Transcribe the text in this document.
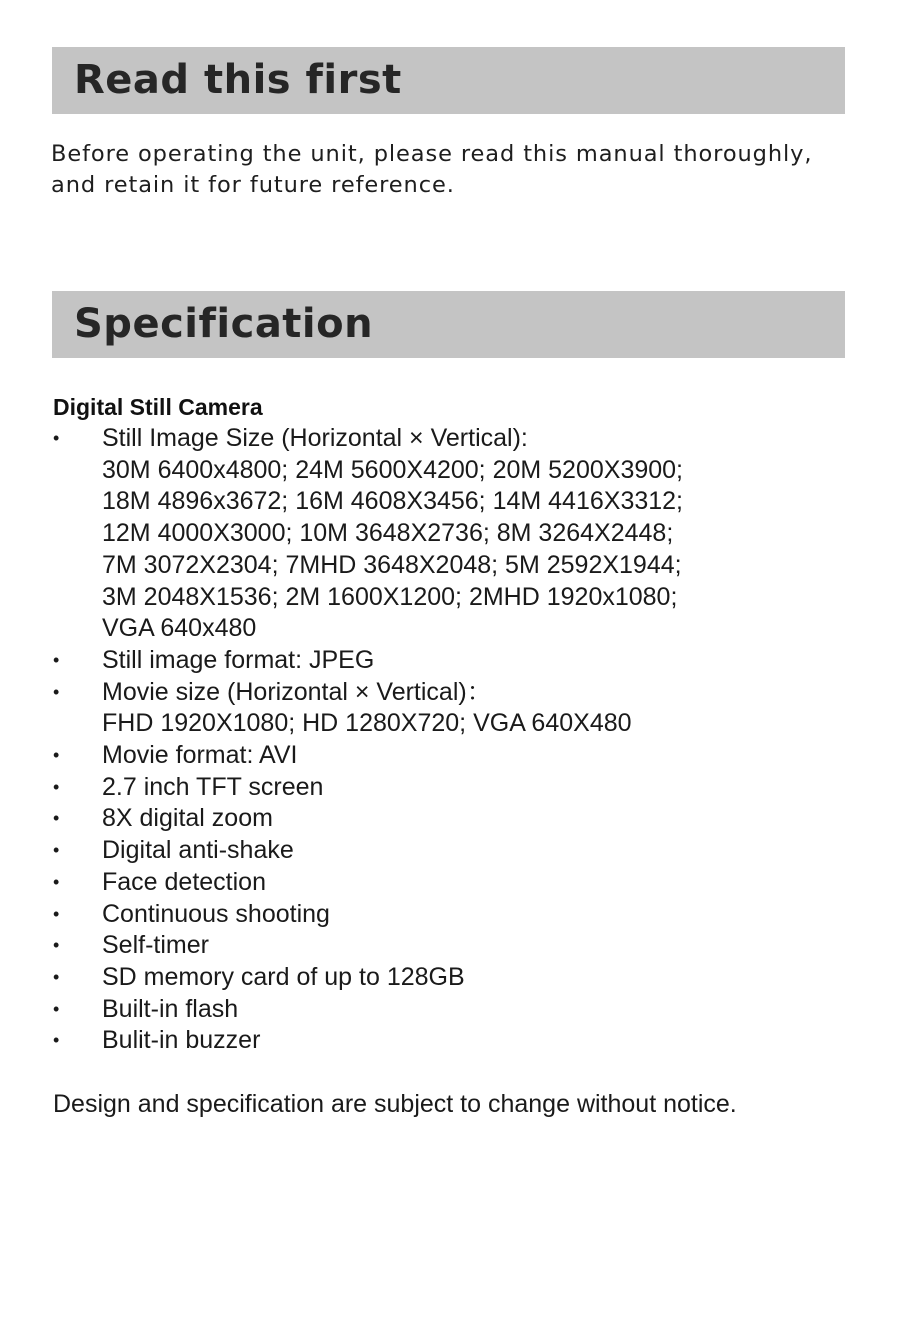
Read this first

Before operating the unit, please read this manual thoroughly,
and retain it for future reference.

Specification
Digital Still Camera
•	Still Image Size (Horizontal × Vertical):
30M 6400x4800; 24M 5600X4200; 20M 5200X3900;
18M 4896x3672; 16M 4608X3456; 14M 4416X3312;
12M 4000X3000; 10M 3648X2736; 8M 3264X2448;
7M 3072X2304; 7MHD 3648X2048; 5M 2592X1944;
3M 2048X1536; 2M 1600X1200; 2MHD 1920x1080;
VGA 640x480
•	Still image format: JPEG
•	Movie size (Horizontal × Vertical)：
FHD 1920X1080; HD 1280X720; VGA 640X480
•	Movie format: AVI
•	2.7 inch TFT screen
•	8X digital zoom
•	Digital anti-shake
•	Face detection
•	Continuous shooting
•	Self-timer
•	SD memory card of up to 128GB
•	Built-in flash
•	Bulit-in buzzer

Design and specification are subject to change without notice.
